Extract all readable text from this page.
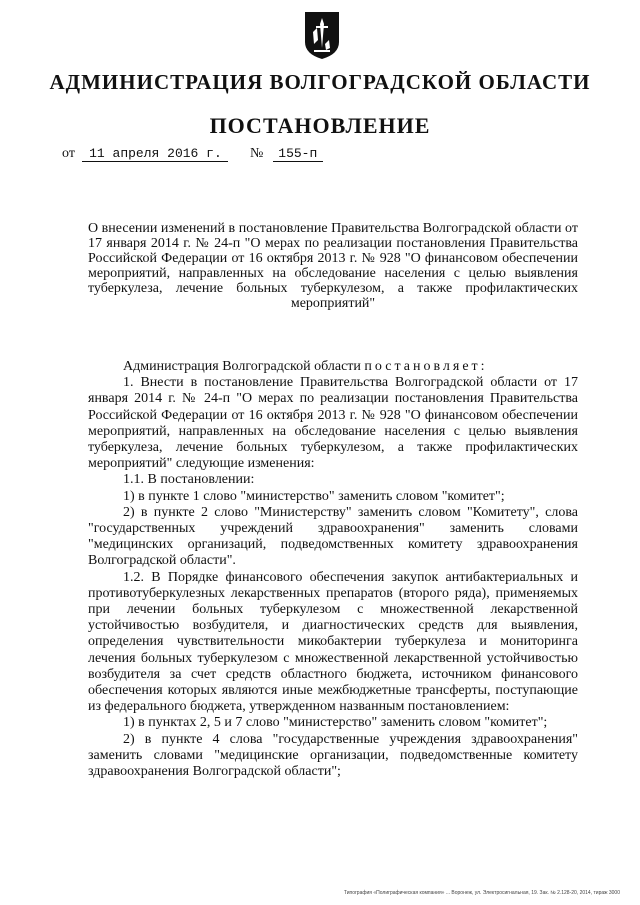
АДМИНИСТРАЦИЯ ВОЛГОГРАДСКОЙ ОБЛАСТИ
ПОСТАНОВЛЕНИЕ
от 11 апреля 2016 г. № 155-п
О внесении изменений в постановление Правительства Волгоградской области от 17 января 2014 г. № 24-п "О мерах по реализации постановления Правительства Российской Федерации от 16 октября 2013 г. № 928 "О финансовом обеспечении мероприятий, направленных на обследование населения с целью выявления туберкулеза, лечение больных туберкулезом, а также профилактических мероприятий"

Администрация Волгоградской области постановляет:

1. Внести в постановление Правительства Волгоградской области от 17 января 2014 г. № 24-п "О мерах по реализации постановления Правительства Российской Федерации от 16 октября 2013 г. № 928 "О финансовом обеспечении мероприятий, направленных на обследование населения с целью выявления туберкулеза, лечение больных туберкулезом, а также профилактических мероприятий" следующие изменения:

1.1. В постановлении:

1) в пункте 1 слово "министерство" заменить словом "комитет";

2) в пункте 2 слово "Министерству" заменить словом "Комитету", слова "государственных учреждений здравоохранения" заменить словами "медицинских организаций, подведомственных комитету здравоохранения Волгоградской области".

1.2. В Порядке финансового обеспечения закупок антибактериальных и противотуберкулезных лекарственных препаратов (второго ряда), применяемых при лечении больных туберкулезом с множественной лекарственной устойчивостью возбудителя, и диагностических средств для выявления, определения чувствительности микобактерии туберкулеза и мониторинга лечения больных туберкулезом с множественной лекарственной устойчивостью возбудителя за счет средств областного бюджета, источником финансового обеспечения которых являются иные межбюджетные трансферты, поступающие из федерального бюджета, утвержденном названным постановлением:

1) в пунктах 2, 5 и 7 слово "министерство" заменить словом "комитет";

2) в пункте 4 слова "государственные учреждения здравоохранения" заменить словами "медицинские организации, подведомственные комитету здравоохранения Волгоградской области";

Типография «Полиграфическая компания» ... Воронеж, ул. Электросигнальная, 19. Зак. № 2.128-20, 2014, тираж 3000
